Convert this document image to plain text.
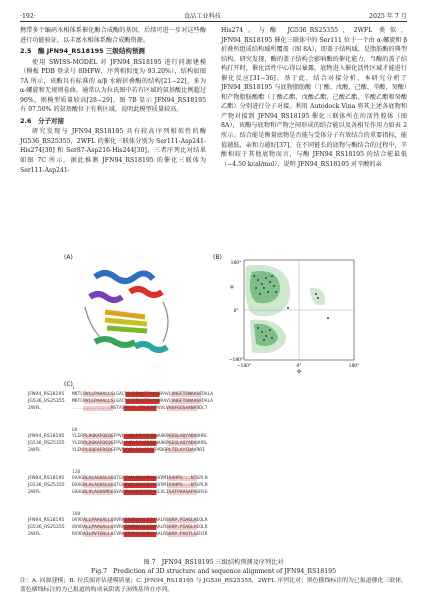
·192·	食品工业科技	2025 年 7 月

携带多个编码水相体系催化酶合成酶的基因，后续可进一步对这些酶进行功能验证，以丰富水相体系酶合成酶资源。

2.5　酶 JFN94_RS18195 三级结构预测

使用 SWISS-MODEL 对 JFN94_RS18195 进行同源建模（模板 PDB 登录号 8IHFW，序列相似度为 93.20%），结构如图 7A 所示，该酶具有标准的 α/β 水解折叠酶的结构[21−22]，多为 α-螺旋和无规则卷曲。通常认为拉氏图中若有区域的氨基酸比例超过 90%，则模型质量较高[28−29]。图 7B 显示 JFN94_RS18195 有 97.50% 的氨基酸位于有利区域，说明此模型质量较高。

2.6　分子对接

研究发现与 JFN94_RS18195 具有较高序列相似性的酶 JG536_RS25355，2WFL 的催化三联体分别为 Ser111-Asp241-His274[30] 和 Ser87-Asp216-His244[30]，三者序列比对结果如图 7C 所示。据此推测 JFN94_RS18195 的催化三联体为 Ser111-Asp241-

His274。与酶 JG536_RS25355，2WFL 类似，JFN94_RS18195 催化三联体中的 Ser111 位于一个由 α-螺旋和 β 折叠所组成结构域所覆盖（图 8A），即盖子结构域，是脂肪酶的典型结构。研究发现，酶的盖子结构会影响酶的催化能力，当酶的盖子结构打开时，催化活性中心得以暴露，底物进入催化活性区域才能进行催化反应[31−36]。基于此，结合对接分析，本研究分析了 JFN94_RS18195 与底物脂肪酸（丁酸、戊酸、己酸、辛酸、癸酸）和产物脂肪酸酯（丁酸乙酯、戊酸乙酯、己酸乙酯、辛酸乙酯和癸酸乙酯）分别进行分子对接。利用 Autodock Vina 将其上述各底物和产物对接到 JFN94_RS18195 催化三联体所在的活性腔体（图 8A），该酶与底物和产物之间形成的结合能以及各相互作用力如表 2 所示。结合能是衡量底物是否能与受体分子有效结合的重要指标，能值越低，亲和力越好[37]。在不同链长的底物与酶结合的过程中，辛酸相较于其他底物而言，与酶 JFN94_RS18195 的结合能最低（−4.50 kcal/mol），说明 JFN94_RS18195 对辛酸的亲

(A)	(B)
180°
0°
−180°
−180°	0°	180°
Φ
ψ
(C)
1
JFN94_RS18195 MKTLRVLLPAAALLSLGACSSSPEKQTTAAGNPAVLVHGFTGNAASFDALA
JG536_RS25355 MKTLRVLLPAAALLSLGACSGSPEKQTTAAGNPAVLVHGFTGNAASFDALA
2WFL	..............MSTASPRQP.PPLSGKPVVLVHGFGGSAANFDDLT
60
JFN94_RS18195 YLERPLAGKAFQEQGFPVLVVDLPGHGRSDNAAKPGEGLAQYADAVHRL
JG536_RS25355 YLERPLDGKAFQEQGFPVLVVDLPGHGRSDNAAKPGEGLAQYADAVHRL
2WFL	YLEKPLSQEAFRSQGFPVIVVDLPGHGRSEPADGPLTELAYIDAVRRI
120
JFN94_RS18195 DAAGRLALAGHSLGGQTGAYVALHHAGRVAGVVMISAHPG...NTGPLN
JG536_RS25355 DAAGRLALAGHSLGGQTGAYVALHHAGRVAGVVMISAHPG...NTGPLN
2WFL	GAAGRLVLAGHSMGGQVAAHVAAAHPQRIAGLVLISATPAASAPAGRSG
180
JFN94_RS18195 QVVDALLPAAGALLQVVRAIAMPGAVLDIVAALRSGRP.PIAGLAEQLR
JG536_RS25355 QVVDALLPAAGALLQVVRAIAMPGAVLDIVAALRSGRP.PIAGLAEQLR
2WFL	RVVDAILPVTGRLLAIVRAATMPGAIVDVLAALRGDRP.PVGTLSEHIR
图 7　JFN94_RS18195 三级结构预测及序列比对
Fig.7　Prediction of 3D structure and sequence alignment of JFN94_RS18195
注：A. 同源建模；B. 拉氏图评估建模质量；C. JFN94_RS18195 与 JG536_RS25355，2WFL 序列比对；黑色横线标注的为已报道催化三联体，蓝色横线标注的为已报道的构成氧阴离子洞残基所在序列。
